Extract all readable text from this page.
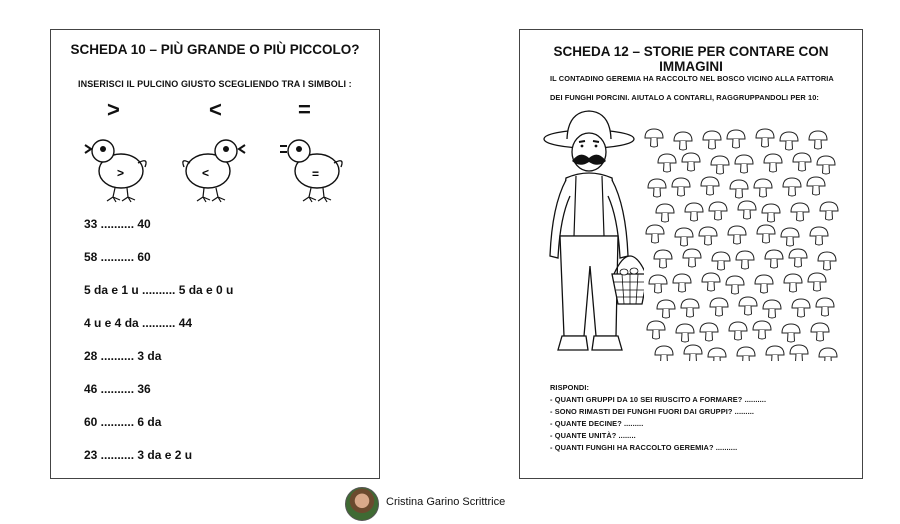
SCHEDA 10 – PIÙ GRANDE O PIÙ PICCOLO?
INSERISCI IL PULCINO GIUSTO SCEGLIENDO TRA I SIMBOLI :
>	<	=
>	<	=
33 .......... 40
58 .......... 60
5 da e 1 u .......... 5 da e 0 u
4 u e 4 da .......... 44
28 .......... 3 da
46 .......... 36
60 .......... 6 da
23 .......... 3 da e 2 u
SCHEDA 12 – STORIE PER CONTARE CON IMMAGINI
IL CONTADINO GEREMIA HA RACCOLTO NEL BOSCO VICINO ALLA FATTORIA
DEI FUNGHI PORCINI. AIUTALO A CONTARLI, RAGGRUPPANDOLI PER 10:
RISPONDI:
- QUANTI GRUPPI DA 10 SEI RIUSCITO A FORMARE? ..........
- SONO RIMASTI DEI FUNGHI FUORI DAI GRUPPI? .........
- QUANTE DECINE? .........
- QUANTE UNITÀ? ........
- QUANTI FUNGHI HA RACCOLTO GEREMIA? ..........
Cristina Garino Scrittrice
